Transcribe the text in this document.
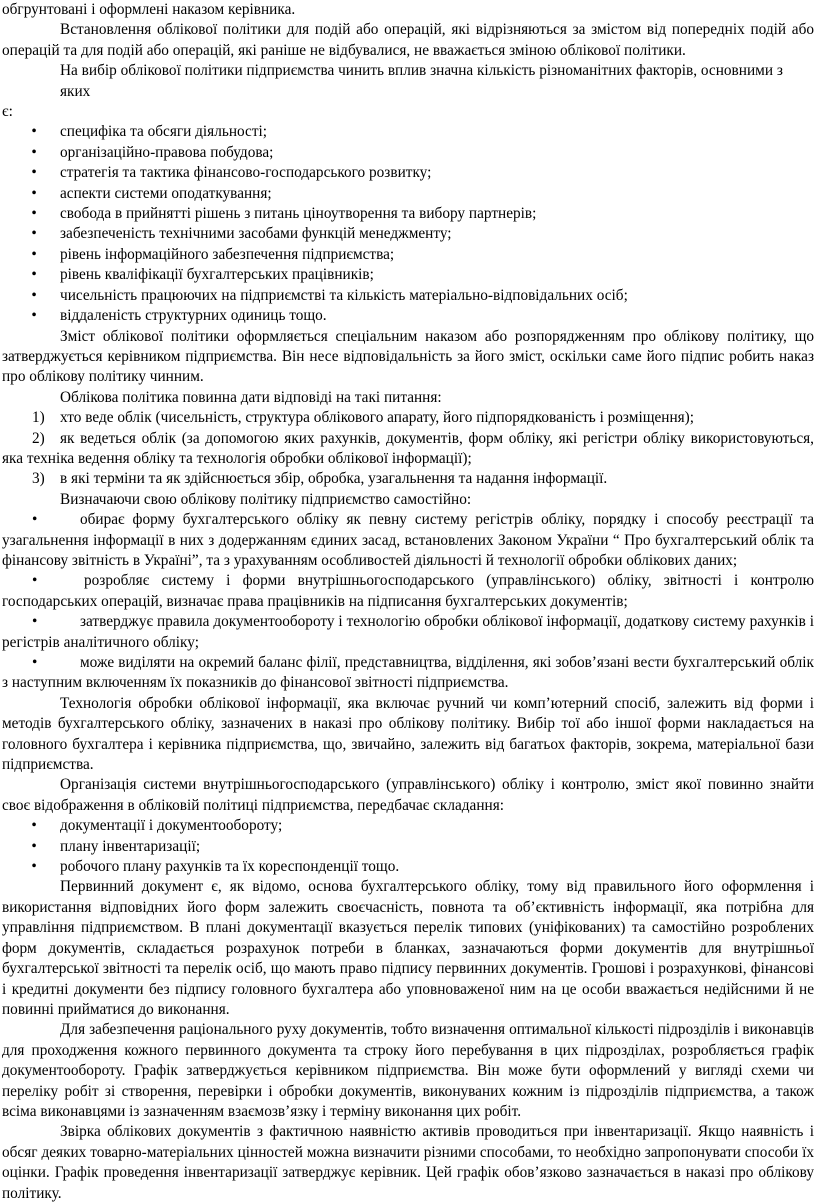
обгрунтовані і оформлені наказом керівника.

Встановлення облікової політики для подій або операцій, які відрізняються за змістом від попередніх подій або операцій та для подій або операцій, які раніше не відбувалися, не вважається зміною облікової політики.

На вибір облікової політики підприємства чинить вплив значна кількість різноманітних факторів, основними з яких

є:

•	специфіка та обсяги діяльності;
•	організаційно-правова побудова;
•	стратегія та тактика фінансово-господарського розвитку;
•	аспекти системи оподаткування;
•	свобода в прийнятті рішень з питань ціноутворення та вибору партнерів;
•	забезпеченість технічними засобами функцій менеджменту;
•	рівень інформаційного забезпечення підприємства;
•	рівень кваліфікації бухгалтерських працівників;
•	чисельність працюючих на підприємстві та кількість матеріально-відповідальних осіб;
•	віддаленість структурних одиниць тощо.

Зміст облікової політики оформляється спеціальним наказом або розпорядженням про облікову політику, що затверджується керівником підприємства. Він несе відповідальність за його зміст, оскільки саме його підпис робить наказ про облікову політику чинним.

Облікова політика повинна дати відповіді на такі питання:

1) хто веде облік (чисельність, структура облікового апарату, його підпорядкованість і розміщення);

2) як ведеться облік (за допомогою яких рахунків, документів, форм обліку, які регістри обліку використовуються, яка техніка ведення обліку та технологія обробки облікової інформації);

3) в які терміни та як здійснюється збір, обробка, узагальнення та надання інформації.

Визначаючи свою облікову політику підприємство самостійно:

•	обирає форму бухгалтерського обліку як певну систему регістрів обліку, порядку і способу реєстрації та узагальнення інформації в них з додержанням єдиних засад, встановлених Законом України “ Про бухгалтерський облік та фінансову звітність в Україні”, та з урахуванням особливостей діяльності й технології обробки облікових даних;

•	розробляє систему і форми внутрішньогосподарського (управлінського) обліку, звітності і контролю господарських операцій, визначає права працівників на підписання бухгалтерських документів;

•	затверджує правила документообороту і технологію обробки облікової інформації, додаткову систему рахунків і регістрів аналітичного обліку;

•	може виділяти на окремий баланс філії, представництва, відділення, які зобов’язані вести бухгалтерський облік з наступним включенням їх показників до фінансової звітності підприємства.

Технологія обробки облікової інформації, яка включає ручний чи комп’ютерний спосіб, залежить від форми і методів бухгалтерського обліку, зазначених в наказі про облікову політику. Вибір тої або іншої форми накладається на головного бухгалтера і керівника підприємства, що, звичайно, залежить від багатьох факторів, зокрема, матеріальної бази підприємства.

Організація системи внутрішньогосподарського (управлінського) обліку і контролю, зміст якої повинно знайти своє відображення в обліковій політиці підприємства, передбачає складання:

•	документації і документообороту;
•	плану інвентаризації;
•	робочого плану рахунків та їх кореспонденції тощо.

Первинний документ є, як відомо, основа бухгалтерського обліку, тому від правильного його оформлення і використання відповідних його форм залежить своєчасність, повнота та об’єктивність інформації, яка потрібна для управління підприємством. В плані документації вказується перелік типових (уніфікованих) та самостійно розроблених форм документів, складається розрахунок потреби в бланках, зазначаються форми документів для внутрішньої бухгалтерської звітності та перелік осіб, що мають право підпису первинних документів. Грошові і розрахункові, фінансові і кредитні документи без підпису головного бухгалтера або уповноваженої ним на це особи вважається недійсними й не повинні прийматися до виконання.

Для забезпечення раціонального руху документів, тобто визначення оптимальної кількості підрозділів і виконавців для проходження кожного первинного документа та строку його перебування в цих підрозділах, розробляється графік документообороту. Графік затверджується керівником підприємства. Він може бути оформлений у вигляді схеми чи переліку робіт зі створення, перевірки і обробки документів, виконуваних кожним із підрозділів підприємства, а також всіма виконавцями із зазначенням взаємозв’язку і терміну виконання цих робіт.

Звірка облікових документів з фактичною наявністю активів проводиться при інвентаризації. Якщо наявність і обсяг деяких товарно-матеріальних цінностей можна визначити різними способами, то необхідно запропонувати способи їх оцінки. Графік проведення інвентаризації затверджує керівник. Цей графік обов’язково зазначається в наказі про облікову політику.
